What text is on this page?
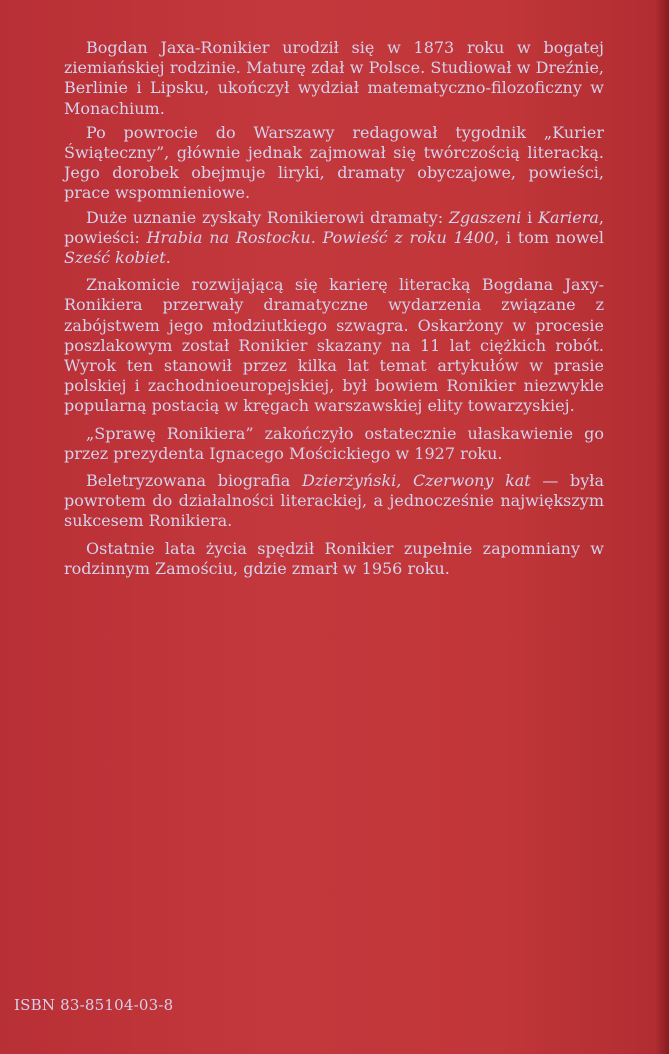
Bogdan Jaxa-Ronikier urodził się w 1873 roku w bogatej ziemiańskiej rodzinie. Maturę zdał w Polsce. Studiował w Dreźnie, Berlinie i Lipsku, ukończył wydział matematyczno-filozoficzny w Monachium.

Po powrocie do Warszawy redagował tygodnik „Kurier Świąteczny”, głównie jednak zajmował się twórczością literacką. Jego dorobek obejmuje liryki, dramaty obyczajowe, powieści, prace wspomnieniowe.

Duże uznanie zyskały Ronikierowi dramaty: Zgaszeni i Kariera, powieści: Hrabia na Rostocku. Powieść z roku 1400, i tom nowel Sześć kobiet.

Znakomicie rozwijającą się karierę literacką Bogdana Jaxy-Ronikiera przerwały dramatyczne wydarzenia związane z zabójstwem jego młodziutkiego szwagra. Oskarżony w procesie poszlakowym został Ronikier skazany na 11 lat ciężkich robót. Wyrok ten stanowił przez kilka lat temat artykułów w prasie polskiej i zachodnioeuropejskiej, był bowiem Ronikier niezwykle popularną postacią w kręgach warszawskiej elity towarzyskiej.

„Sprawę Ronikiera” zakończyło ostatecznie ułaskawienie go przez prezydenta Ignacego Mościckiego w 1927 roku.

Beletryzowana biografia Dzierżyński, Czerwony kat — była powrotem do działalności literackiej, a jednocześnie największym sukcesem Ronikiera.

Ostatnie lata życia spędził Ronikier zupełnie zapomniany w rodzinnym Zamościu, gdzie zmarł w 1956 roku.

ISBN 83-85104-03-8
